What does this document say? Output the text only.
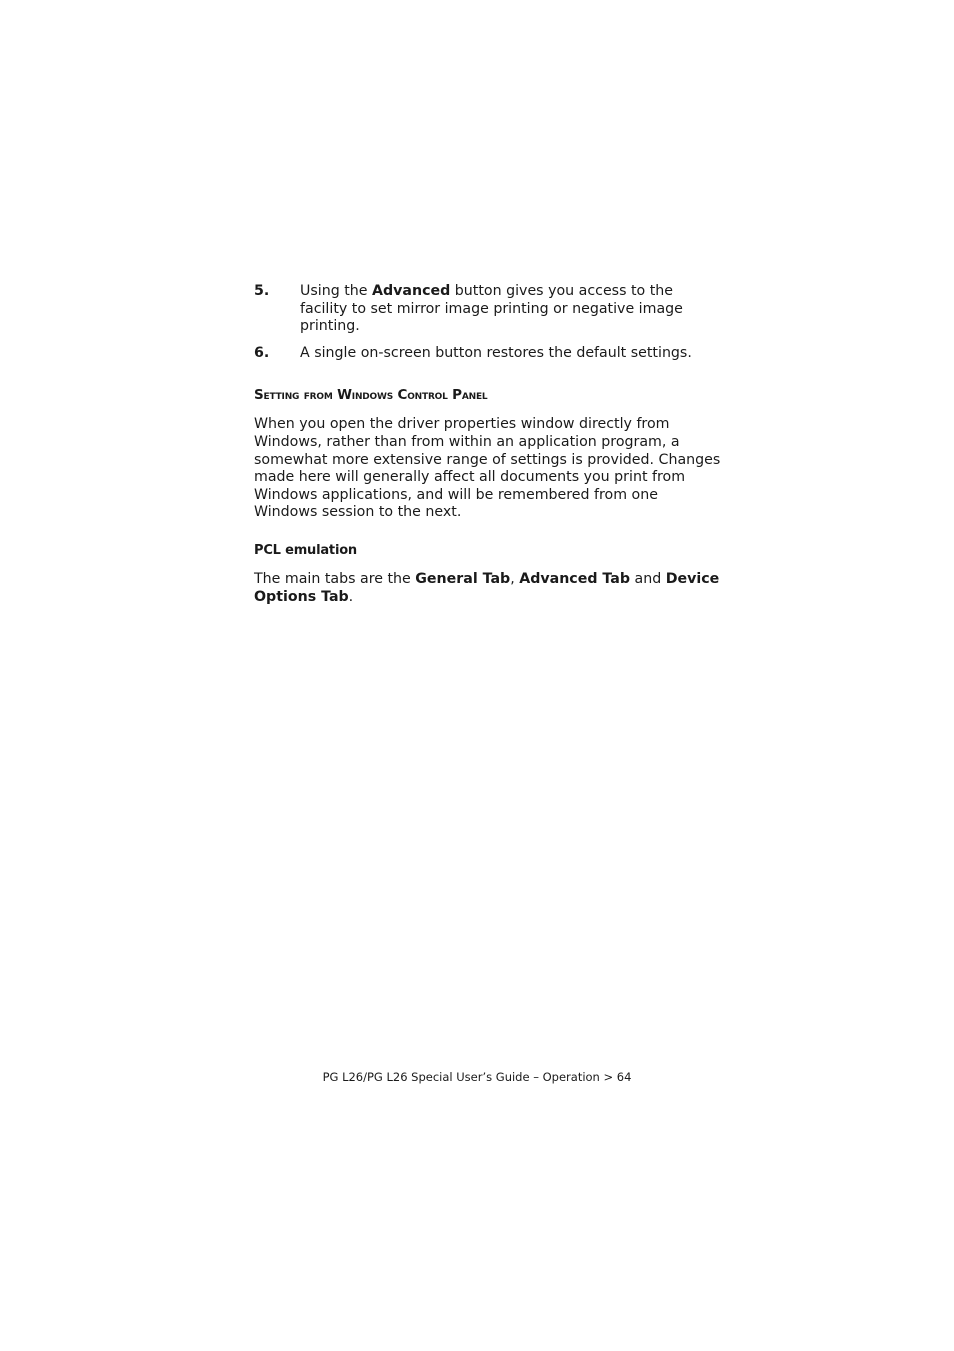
5.	Using the Advanced button gives you access to the facility to set mirror image printing or negative image printing.
6.	A single on-screen button restores the default settings.
Setting from Windows Control Panel
When you open the driver properties window directly from Windows, rather than from within an application program, a somewhat more extensive range of settings is provided. Changes made here will generally affect all documents you print from Windows applications, and will be remembered from one Windows session to the next.
PCL emulation
The main tabs are the General Tab, Advanced Tab and Device Options Tab.
PG L26/PG L26 Special User’s Guide – Operation > 64
